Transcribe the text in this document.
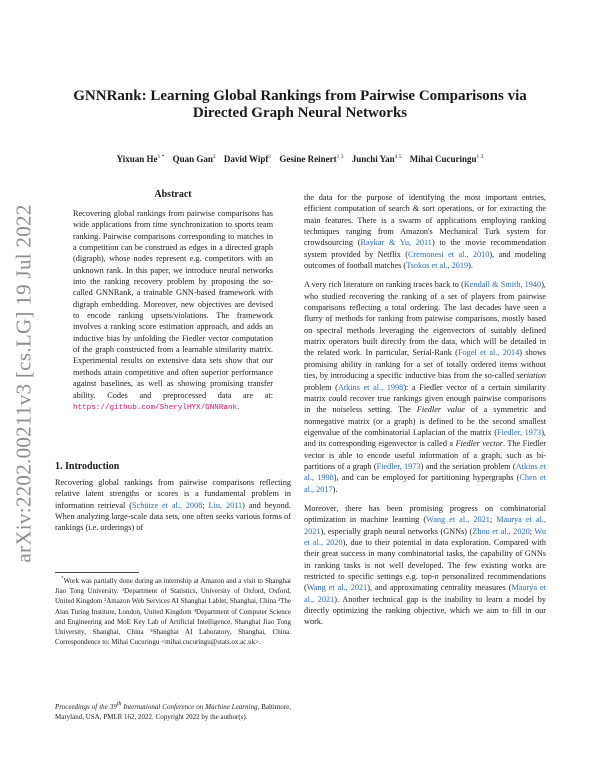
arXiv:2202.00211v3 [cs.LG] 19 Jul 2022
GNNRank: Learning Global Rankings from Pairwise Comparisons via Directed Graph Neural Networks
Yixuan $He^{1 *}$ Quan Gan$^2$ David Wipf$^2$ Gesine Reinert$^{1 3}$ Junchi Yan$^{4 5}$ Mihai Cucuringu$^{1 3}$
Abstract
Recovering global rankings from pairwise comparisons has wide applications from time synchronization to sports team ranking. Pairwise comparisons corresponding to matches in a competition can be construed as edges in a directed graph (digraph), whose nodes represent e.g. competitors with an unknown rank. In this paper, we introduce neural networks into the ranking recovery problem by proposing the so-called GNNRank, a trainable GNN-based framework with digraph embedding. Moreover, new objectives are devised to encode ranking upsets/violations. The framework involves a ranking score estimation approach, and adds an inductive bias by unfolding the Fiedler vector computation of the graph constructed from a learnable similarity matrix. Experimental results on extensive data sets show that our methods attain competitive and often superior performance against baselines, as well as showing promising transfer ability. Codes and preprocessed data are at: https://github.com/SherylHYX/GNNRank.
1. Introduction
Recovering global rankings from pairwise comparisons reflecting relative latent strengths or scores is a fundamental problem in information retrieval (Schütze et al., 2008; Liu, 2011) and beyond. When analyzing large-scale data sets, one often seeks various forms of rankings (i.e. orderings) of
*Work was partially done during an internship at Amazon and a visit to Shanghai Jiao Tong University. ¹Department of Statistics, University of Oxford, Oxford, United Kingdom ²Amazon Web Services AI Shanghai Lablet, Shanghai, China ³The Alan Turing Institute, London, United Kingdom ⁴Department of Computer Science and Engineering and MoE Key Lab of Artificial Intelligence, Shanghai Jiao Tong University, Shanghai, China ⁵Shanghai AI Laboratory, Shanghai, China. Correspondence to: Mihai Cucuringu <mihai.cucuringu@stats.ox.ac.uk>.
Proceedings of the 39th International Conference on Machine Learning, Baltimore, Maryland, USA, PMLR 162, 2022. Copyright 2022 by the author(s).

the data for the purpose of identifying the most important entries, efficient computation of search & sort operations, or for extracting the main features. There is a swarm of applications employing ranking techniques ranging from Amazon's Mechanical Turk system for crowdsourcing (Raykar & Yu, 2011) to the movie recommendation system provided by Netflix (Cremonesi et al., 2010), and modeling outcomes of football matches (Tsokos et al., 2019).

A very rich literature on ranking traces back to (Kendall & Smith, 1940), who studied recovering the ranking of a set of players from pairwise comparisons reflecting a total ordering. The last decades have seen a flurry of methods for ranking from pairwise comparisons, mostly based on spectral methods leveraging the eigenvectors of suitably defined matrix operators built directly from the data, which will be detailed in the related work. In particular, Serial-Rank (Fogel et al., 2014) shows promising ability in ranking for a set of totally ordered items without ties, by introducing a specific inductive bias from the so-called seriation problem (Atkins et al., 1998): a Fiedler vector of a certain similarity matrix could recover true rankings given enough pairwise comparisons in the noiseless setting. The Fiedler value of a symmetric and nonnegative matrix (or a graph) is defined to be the second smallest eigenvalue of the combinatorial Laplacian of the matrix (Fiedler, 1973), and its corresponding eigenvector is called a Fiedler vector. The Fiedler vector is able to encode useful information of a graph, such as bi-partitions of a graph (Fiedler, 1973) and the seriation problem (Atkins et al., 1998), and can be employed for partitioning hypergraphs (Chen et al., 2017).

Moreover, there has been promising progress on combinatorial optimization in machine learning (Wang et al., 2021; Maurya et al., 2021), especially graph neural networks (GNNs) (Zhou et al., 2020; Wu et al., 2020), due to their potential in data exploration. Compared with their great success in many combinatorial tasks, the capability of GNNs in ranking tasks is not well developed. The few existing works are restricted to specific settings e.g. top-n personalized recommendations (Wang et al., 2021), and approximating centrality measures (Maurya et al., 2021). Another technical gap is the inability to learn a model by directly optimizing the ranking objective, which we aim to fill in our work.
